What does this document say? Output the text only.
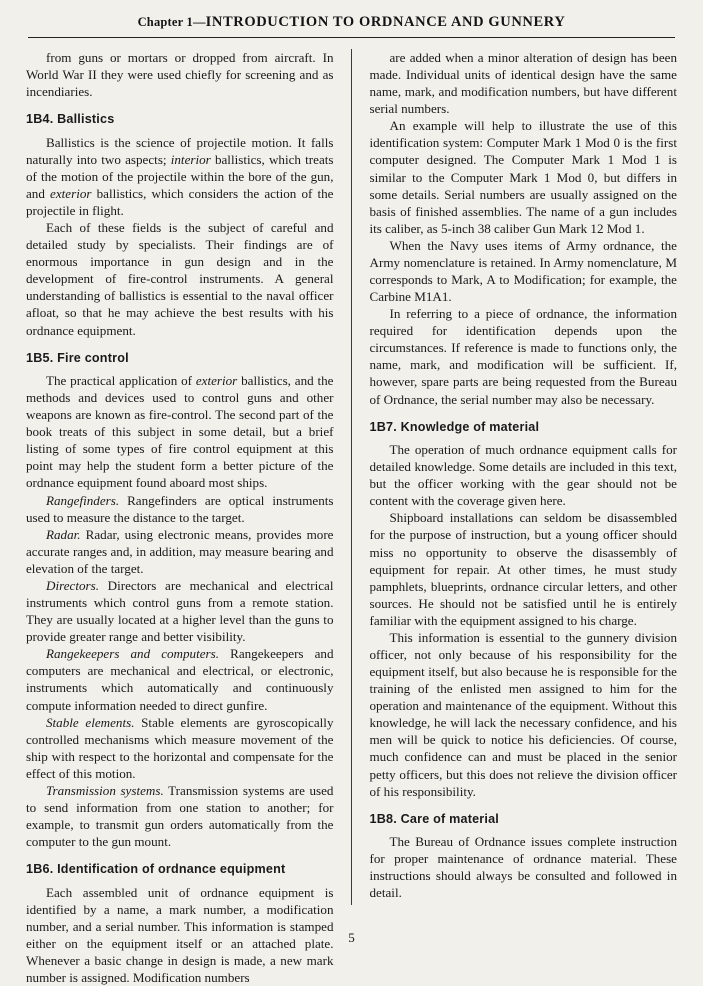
Chapter 1—INTRODUCTION TO ORDNANCE AND GUNNERY

from guns or mortars or dropped from aircraft. In World War II they were used chiefly for screening and as incendiaries.

1B4. Ballistics

Ballistics is the science of projectile motion. It falls naturally into two aspects; interior ballistics, which treats of the motion of the projectile within the bore of the gun, and exterior ballistics, which considers the action of the projectile in flight.

Each of these fields is the subject of careful and detailed study by specialists. Their findings are of enormous importance in gun design and in the development of fire-control instruments. A general understanding of ballistics is essential to the naval officer afloat, so that he may achieve the best results with his ordnance equipment.

1B5. Fire control

The practical application of exterior ballistics, and the methods and devices used to control guns and other weapons are known as fire-control. The second part of the book treats of this subject in some detail, but a brief listing of some types of fire control equipment at this point may help the student form a better picture of the ordnance equipment found aboard most ships.

Rangefinders. Rangefinders are optical instruments used to measure the distance to the target.

Radar. Radar, using electronic means, provides more accurate ranges and, in addition, may measure bearing and elevation of the target.

Directors. Directors are mechanical and electrical instruments which control guns from a remote station. They are usually located at a higher level than the guns to provide greater range and better visibility.

Rangekeepers and computers. Rangekeepers and computers are mechanical and electrical, or electronic, instruments which automatically and continuously compute information needed to direct gunfire.

Stable elements. Stable elements are gyroscopically controlled mechanisms which measure movement of the ship with respect to the horizontal and compensate for the effect of this motion.

Transmission systems. Transmission systems are used to send information from one station to another; for example, to transmit gun orders automatically from the computer to the gun mount.

1B6. Identification of ordnance equipment

Each assembled unit of ordnance equipment is identified by a name, a mark number, a modification number, and a serial number. This information is stamped either on the equipment itself or an attached plate. Whenever a basic change in design is made, a new mark number is assigned. Modification numbers

are added when a minor alteration of design has been made. Individual units of identical design have the same name, mark, and modification numbers, but have different serial numbers.

An example will help to illustrate the use of this identification system: Computer Mark 1 Mod 0 is the first computer designed. The Computer Mark 1 Mod 1 is similar to the Computer Mark 1 Mod 0, but differs in some details. Serial numbers are usually assigned on the basis of finished assemblies. The name of a gun includes its caliber, as 5-inch 38 caliber Gun Mark 12 Mod 1.

When the Navy uses items of Army ordnance, the Army nomenclature is retained. In Army nomenclature, M corresponds to Mark, A to Modification; for example, the Carbine M1A1.

In referring to a piece of ordnance, the information required for identification depends upon the circumstances. If reference is made to functions only, the name, mark, and modification will be sufficient. If, however, spare parts are being requested from the Bureau of Ordnance, the serial number may also be necessary.

1B7. Knowledge of material

The operation of much ordnance equipment calls for detailed knowledge. Some details are included in this text, but the officer working with the gear should not be content with the coverage given here.

Shipboard installations can seldom be disassembled for the purpose of instruction, but a young officer should miss no opportunity to observe the disassembly of equipment for repair. At other times, he must study pamphlets, blueprints, ordnance circular letters, and other sources. He should not be satisfied until he is entirely familiar with the equipment assigned to his charge.

This information is essential to the gunnery division officer, not only because of his responsibility for the equipment itself, but also because he is responsible for the training of the enlisted men assigned to him for the operation and maintenance of the equipment. Without this knowledge, he will lack the necessary confidence, and his men will be quick to notice his deficiencies. Of course, much confidence can and must be placed in the senior petty officers, but this does not relieve the division officer of his responsibility.

1B8. Care of material

The Bureau of Ordnance issues complete instruction for proper maintenance of ordnance material. These instructions should always be consulted and followed in detail.

5
